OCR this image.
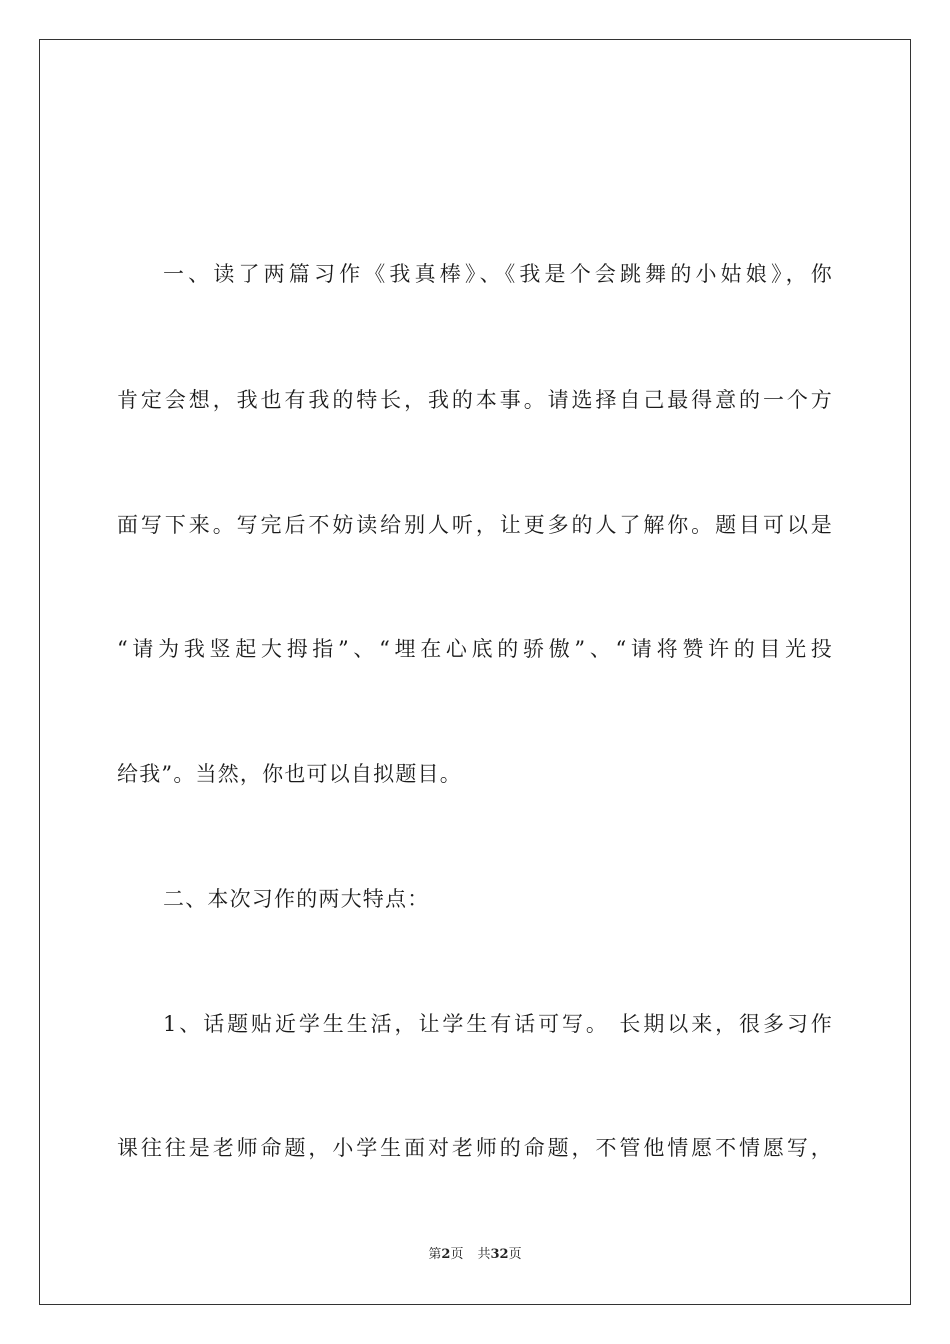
一、读了两篇习作《我真棒》、《我是个会跳舞的小姑娘》，你
肯定会想，我也有我的特长，我的本事。请选择自己最得意的一个方
面写下来。写完后不妨读给别人听，让更多的人了解你。题目可以是
“请为我竖起大拇指”、“埋在心底的骄傲”、“请将赞许的目光投
给我”。当然，你也可以自拟题目。
二、本次习作的两大特点：
1、话题贴近学生生活，让学生有话可写。 长期以来，很多习作
课往往是老师命题，小学生面对老师的命题，不管他情愿不情愿写，
第2页 共32页
